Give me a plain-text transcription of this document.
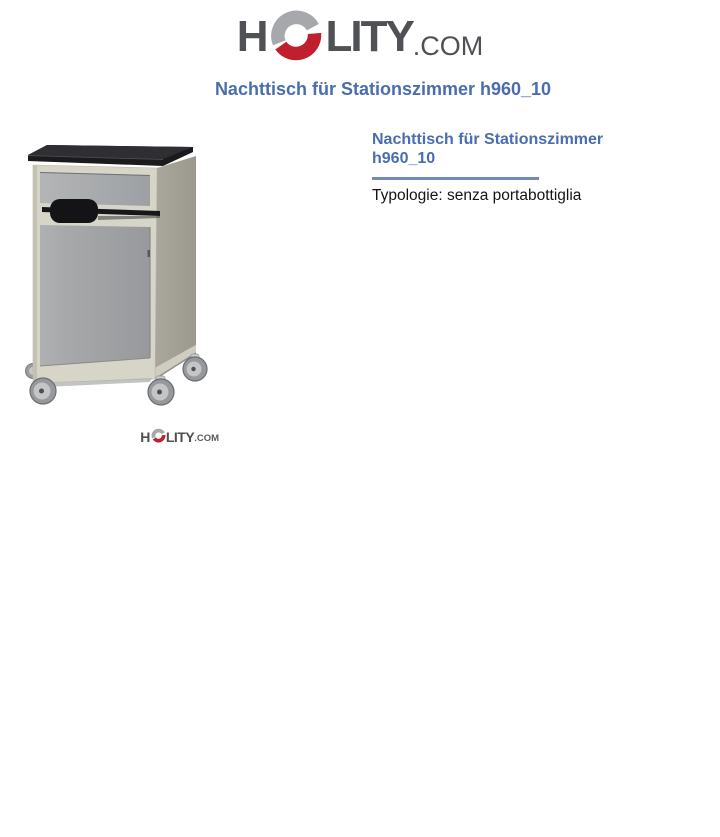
H LITY .COM
Nachttisch für Stationszimmer h960_10
H LITY .COM
Nachttisch für Stationszimmer h960_10
Typologie: senza portabottiglia
